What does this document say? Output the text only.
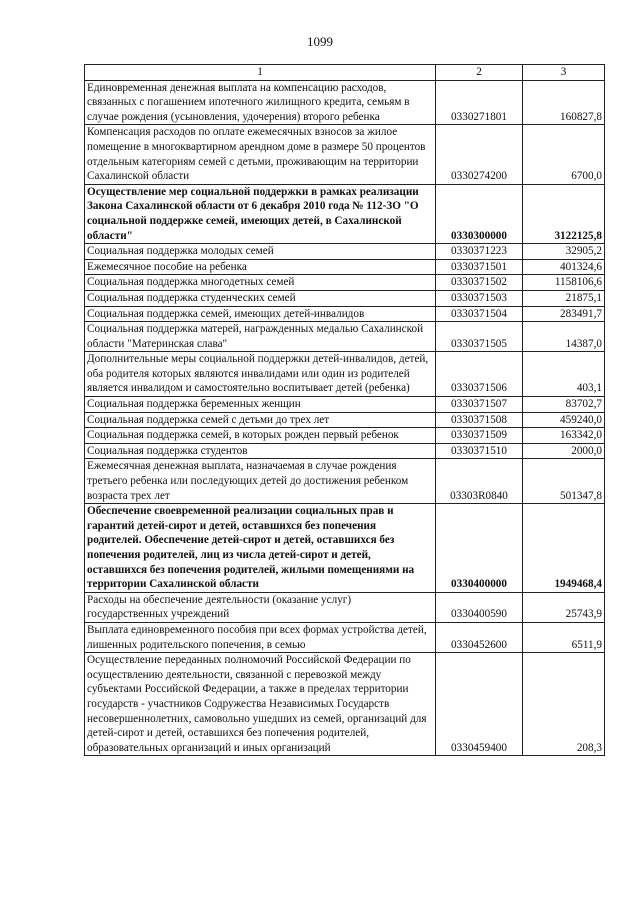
1099
1	2	3
Единовременная денежная выплата на компенсацию расходов, связанных с погашением ипотечного жилищного кредита, семьям в случае рождения (усыновления, удочерения) второго ребенка	0330271801	160827,8
Компенсация расходов по оплате ежемесячных взносов за жилое помещение в многоквартирном арендном доме в размере 50 процентов отдельным категориям семей с детьми, проживающим на территории Сахалинской области	0330274200	6700,0
Осуществление мер социальной поддержки в рамках реализации Закона Сахалинской области от 6 декабря 2010 года № 112-ЗО "О социальной поддержке семей, имеющих детей, в Сахалинской области"	0330300000	3122125,8
Социальная поддержка молодых семей	0330371223	32905,2
Ежемесячное пособие на ребенка	0330371501	401324,6
Социальная поддержка многодетных семей	0330371502	1158106,6
Социальная поддержка студенческих семей	0330371503	21875,1
Социальная поддержка семей, имеющих детей-инвалидов	0330371504	283491,7
Социальная поддержка матерей, награжденных медалью Сахалинской области "Материнская слава"	0330371505	14387,0
Дополнительные меры социальной поддержки детей-инвалидов, детей, оба родителя которых являются инвалидами или один из родителей является инвалидом и самостоятельно воспитывает детей (ребенка)	0330371506	403,1
Социальная поддержка беременных женщин	0330371507	83702,7
Социальная поддержка семей с детьми до трех лет	0330371508	459240,0
Социальная поддержка семей, в которых рожден первый ребенок	0330371509	163342,0
Социальная поддержка студентов	0330371510	2000,0
Ежемесячная денежная выплата, назначаемая в случае рождения третьего ребенка или последующих детей до достижения ребенком возраста трех лет	03303R0840	501347,8
Обеспечение своевременной реализации социальных прав и гарантий детей-сирот и детей, оставшихся без попечения родителей. Обеспечение детей-сирот и детей, оставшихся без попечения родителей, лиц из числа детей-сирот и детей, оставшихся без попечения родителей, жилыми помещениями на территории Сахалинской области	0330400000	1949468,4
Расходы на обеспечение деятельности (оказание услуг) государственных учреждений	0330400590	25743,9
Выплата единовременного пособия при всех формах устройства детей, лишенных родительского попечения, в семью	0330452600	6511,9
Осуществление переданных полномочий Российской Федерации по осуществлению деятельности, связанной с перевозкой между субъектами Российской Федерации, а также в пределах территории государств - участников Содружества Независимых Государств несовершеннолетних, самовольно ушедших из семей, организаций для детей-сирот и детей, оставшихся без попечения родителей, образовательных организаций и иных организаций	0330459400	208,3
